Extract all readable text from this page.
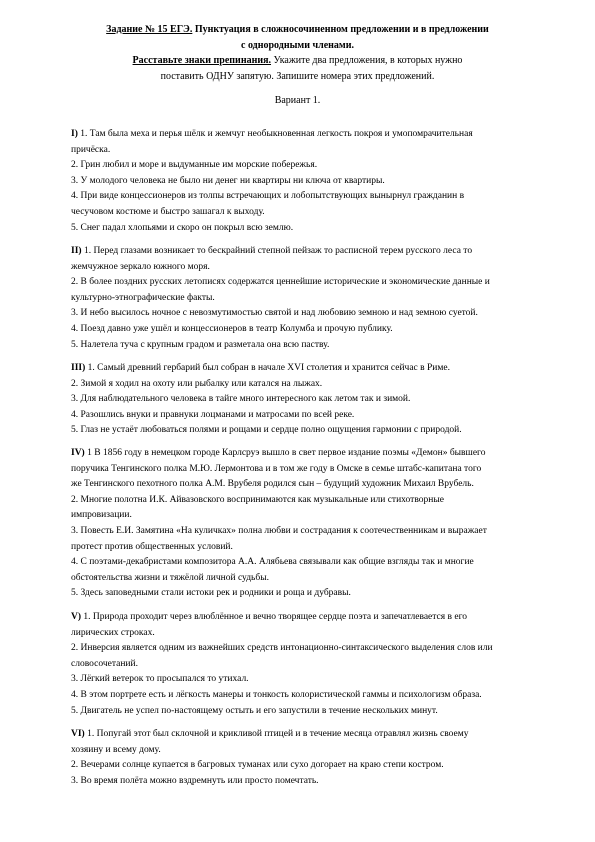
Задание № 15 ЕГЭ. Пунктуация в сложносочиненном предложении и в предложении
с однородными членами.
Расставьте знаки препинания. Укажите два предложения, в которых нужно
поставить ОДНУ запятую. Запишите номера этих предложений.
Вариант 1.

I) 1. Там была меха и перья шёлк и жемчуг необыкновенная легкость покроя и умопомрачительная

причёска.

2. Грин любил и море и выдуманные им морские побережья.

3. У молодого человека не было ни денег ни квартиры ни ключа от квартиры.

4. При виде концессионеров из толпы встречающих и лобопытствующих вынырнул гражданин в

чесучовом костюме и быстро зашагал к выходу.

5. Снег падал хлопьями и скоро он покрыл всю землю.

II) 1. Перед глазами возникает то бескрайний степной пейзаж то расписной терем русского леса то

жемчужное зеркало южного моря.

2. В более поздних русских летописях содержатся ценнейшие исторические и экономические данные и

культурно-этнографические факты.

3. И небо высилось ночное с невозмутимостью святой и над любовию земною и над земною суетой.

4. Поезд давно уже ушёл и концессионеров в театр Колумба и прочую публику.

5. Налетела туча с крупным градом и разметала она всю паству.

III) 1. Самый древний гербарий был собран в начале XVI столетия и хранится сейчас в Риме.

2. Зимой я ходил на охоту или рыбалку или катался на лыжах.

3. Для наблюдательного человека в тайге много интересного как летом так и зимой.

4. Разошлись внуки и правнуки лоцманами и матросами по всей реке.

5. Глаз не устаёт любоваться полями и рощами и сердце полно ощущения гармонии с природой.

IV) 1 В 1856 году в немецком городе Карлсруэ вышло в свет первое издание поэмы «Демон» бывшего

поручика Тенгинского полка М.Ю. Лермонтова и в том же году в Омске в семье штабс-капитана того

же Тенгинского пехотного полка А.М. Врубеля родился сын – будущий художник Михаил Врубель.

2. Многие полотна И.К. Айвазовского воспринимаются как музыкальные или стихотворные

импровизации.

3. Повесть Е.И. Замятина «На куличках» полна любви и сострадания к соотечественникам и выражает

протест против общественных условий.

4. С поэтами-декабристами композитора А.А. Алябьева связывали как общие взгляды так и многие

обстоятельства жизни и тяжёлой личной судьбы.

5. Здесь заповедными стали истоки рек и родники и роща и дубравы.

V) 1. Природа проходит через влюблённое и вечно творящее сердце поэта и запечатлевается в его

лирических строках.

2. Инверсия является одним из важнейших средств интонационно-синтаксического выделения слов или

словосочетаний.

3. Лёгкий ветерок то просыпался то утихал.

4. В этом портрете есть и лёгкость манеры и тонкость колористической гаммы и психологизм образа.

5. Двигатель не успел по-настоящему остыть и его запустили в течение нескольких минут.

VI) 1. Попугай этот был склочной и крикливой птицей и в течение месяца отравлял жизнь своему

хозяину и всему дому.

2. Вечерами солнце купается в багровых туманах или сухо догорает на краю степи костром.

3. Во время полёта можно вздремнуть или просто помечтать.
